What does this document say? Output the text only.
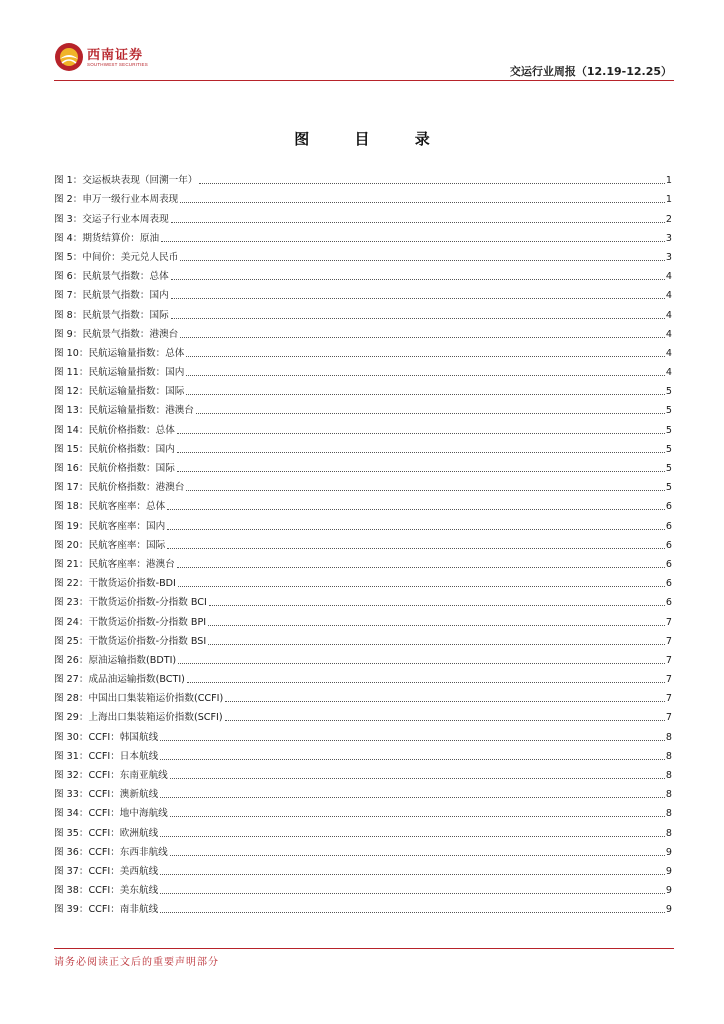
西南证券
SOUTHWEST SECURITIES
交运行业周报（12.19-12.25）
图 目 录
图 1：交运板块表现（回溯一年）	1
图 2：申万一级行业本周表现	1
图 3：交运子行业本周表现	2
图 4：期货结算价：原油	3
图 5：中间价：美元兑人民币	3
图 6：民航景气指数：总体	4
图 7：民航景气指数：国内	4
图 8：民航景气指数：国际	4
图 9：民航景气指数：港澳台	4
图 10：民航运输量指数：总体	4
图 11：民航运输量指数：国内	4
图 12：民航运输量指数：国际	5
图 13：民航运输量指数：港澳台	5
图 14：民航价格指数：总体	5
图 15：民航价格指数：国内	5
图 16：民航价格指数：国际	5
图 17：民航价格指数：港澳台	5
图 18：民航客座率：总体	6
图 19：民航客座率：国内	6
图 20：民航客座率：国际	6
图 21：民航客座率：港澳台	6
图 22：干散货运价指数-BDI	6
图 23：干散货运价指数-分指数 BCI	6
图 24：干散货运价指数-分指数 BPI	7
图 25：干散货运价指数-分指数 BSI	7
图 26：原油运输指数(BDTI)	7
图 27：成品油运输指数(BCTI)	7
图 28：中国出口集装箱运价指数(CCFI)	7
图 29：上海出口集装箱运价指数(SCFI)	7
图 30：CCFI：韩国航线	8
图 31：CCFI：日本航线	8
图 32：CCFI：东南亚航线	8
图 33：CCFI：澳新航线	8
图 34：CCFI：地中海航线	8
图 35：CCFI：欧洲航线	8
图 36：CCFI：东西非航线	9
图 37：CCFI：美西航线	9
图 38：CCFI：美东航线	9
图 39：CCFI：南非航线	9
请务必阅读正文后的重要声明部分
